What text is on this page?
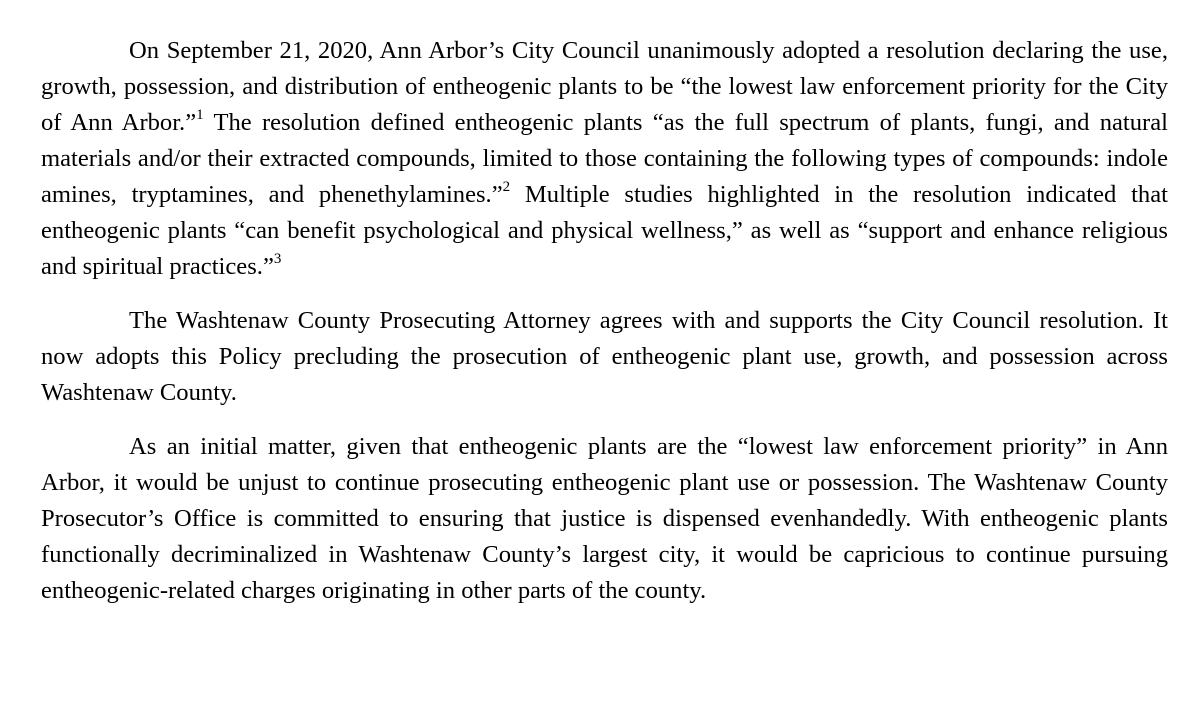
On September 21, 2020, Ann Arbor’s City Council unanimously adopted a resolution declaring the use, growth, possession, and distribution of entheogenic plants to be “the lowest law enforcement priority for the City of Ann Arbor.”$^1$ The resolution defined entheogenic plants “as the full spectrum of plants, fungi, and natural materials and/or their extracted compounds, limited to those containing the following types of compounds: indole amines, tryptamines, and phenethylamines.”$^2$ Multiple studies highlighted in the resolution indicated that entheogenic plants “can benefit psychological and physical wellness,” as well as “support and enhance religious and spiritual practices.”$^3$

The Washtenaw County Prosecuting Attorney agrees with and supports the City Council resolution. It now adopts this Policy precluding the prosecution of entheogenic plant use, growth, and possession across Washtenaw County.

As an initial matter, given that entheogenic plants are the “lowest law enforcement priority” in Ann Arbor, it would be unjust to continue prosecuting entheogenic plant use or possession. The Washtenaw County Prosecutor’s Office is committed to ensuring that justice is dispensed evenhandedly. With entheogenic plants functionally decriminalized in Washtenaw County’s largest city, it would be capricious to continue pursuing entheogenic-related charges originating in other parts of the county.
